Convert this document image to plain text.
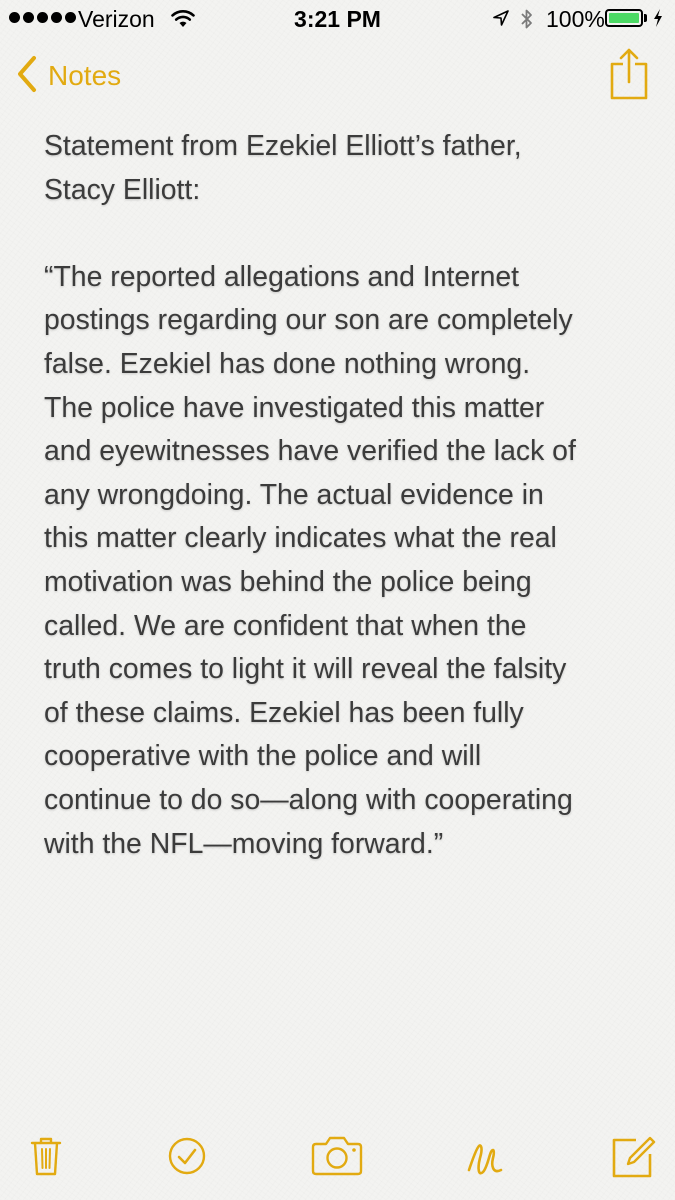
Verizon	3:21 PM	100%
Notes
Statement from Ezekiel Elliott’s father,
Stacy Elliott:
“The reported allegations and Internet
postings regarding our son are completely
false. Ezekiel has done nothing wrong.
The police have investigated this matter
and eyewitnesses have verified the lack of
any wrongdoing. The actual evidence in
this matter clearly indicates what the real
motivation was behind the police being
called. We are confident that when the
truth comes to light it will reveal the falsity
of these claims. Ezekiel has been fully
cooperative with the police and will
continue to do so—along with cooperating
with the NFL—moving forward.”
